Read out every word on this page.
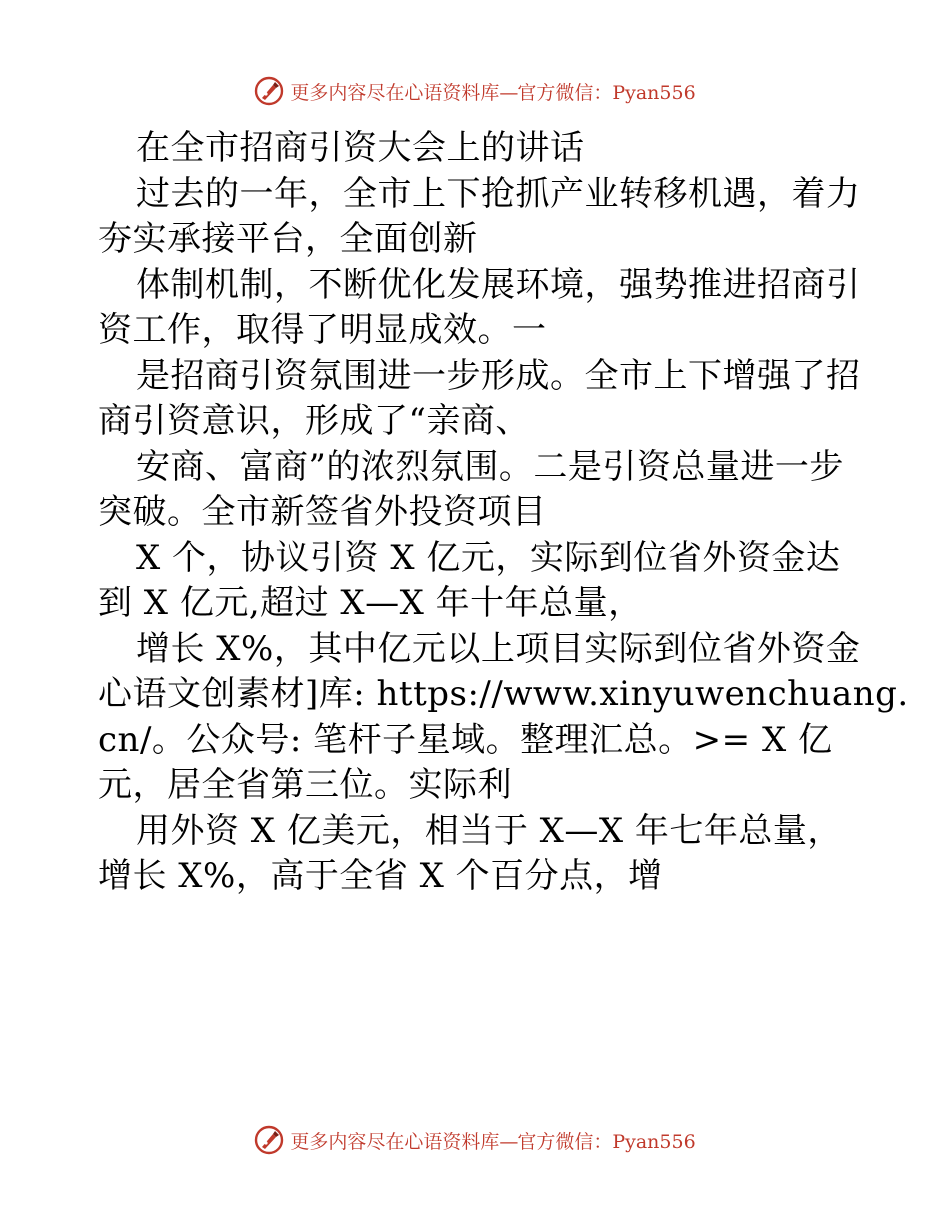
更多内容尽在心语资料库—官方微信：Pyan556
在全市招商引资大会上的讲话
过去的一年，全市上下抢抓产业转移机遇，着力
夯实承接平台，全面创新
体制机制，不断优化发展环境，强势推进招商引
资工作，取得了明显成效。一
是招商引资氛围进一步形成。全市上下增强了招
商引资意识，形成了“亲商、
安商、富商”的浓烈氛围。二是引资总量进一步
突破。全市新签省外投资项目
X 个，协议引资 X 亿元，实际到位省外资金达
到 X 亿元,超过 X—X 年十年总量，
增长 X%，其中亿元以上项目实际到位省外资金
心语文创素材]库: https://www.xinyuwenchuang.
cn/。公众号: 笔杆子星域。整理汇总。>= X 亿
元，居全省第三位。实际利
用外资 X 亿美元，相当于 X—X 年七年总量，
增长 X%，高于全省 X 个百分点，增
更多内容尽在心语资料库—官方微信：Pyan556
